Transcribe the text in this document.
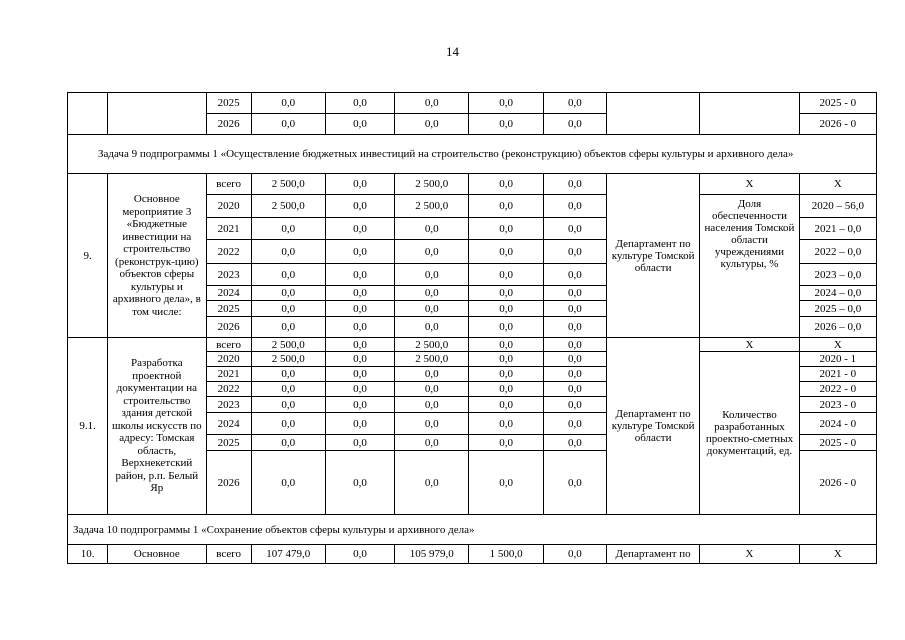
14
		2025	0,0	0,0	0,0	0,0	0,0			2025 - 0
		2026	0,0	0,0	0,0	0,0	0,0			2026 - 0
Задача 9 подпрограммы 1 «Осуществление бюджетных инвестиций на строительство (реконструкцию) объектов сферы культуры и архивного дела»										
9.	Основное мероприятие 3 «Бюджетные инвестиции на строительство (реконструк-цию) объектов сферы культуры и архивного дела», в том числе:	всего	2 500,0	0,0	2 500,0	0,0	0,0	Департамент по культуре Томской области	Х	Х
		2020	2 500,0	0,0	2 500,0	0,0	0,0		Доля обеспеченности населения Томской области учреждениями культуры, %	2020 – 56,0
		2021	0,0	0,0	0,0	0,0	0,0			2021 – 0,0
		2022	0,0	0,0	0,0	0,0	0,0			2022 – 0,0
		2023	0,0	0,0	0,0	0,0	0,0			2023 – 0,0
		2024	0,0	0,0	0,0	0,0	0,0			2024 – 0,0
		2025	0,0	0,0	0,0	0,0	0,0			2025 – 0,0
		2026	0,0	0,0	0,0	0,0	0,0			2026 – 0,0
9.1.	Разработка проектной документации на строительство здания детской школы искусств по адресу: Томская область, Верхнекетский район, р.п. Белый Яр	всего	2 500,0	0,0	2 500,0	0,0	0,0	Департамент по культуре Томской области	Х	Х
		2020	2 500,0	0,0	2 500,0	0,0	0,0		Количество разработанных проектно-сметных документаций, ед.	2020 - 1
		2021	0,0	0,0	0,0	0,0	0,0			2021 - 0
		2022	0,0	0,0	0,0	0,0	0,0			2022 - 0
		2023	0,0	0,0	0,0	0,0	0,0			2023 - 0
		2024	0,0	0,0	0,0	0,0	0,0			2024 - 0
		2025	0,0	0,0	0,0	0,0	0,0			2025 - 0
		2026	0,0	0,0	0,0	0,0	0,0			2026 - 0
Задача 10 подпрограммы 1 «Сохранение объектов сферы культуры и архивного дела»										
10.	Основное	всего	107 479,0	0,0	105 979,0	1 500,0	0,0	Департамент по	Х	Х
